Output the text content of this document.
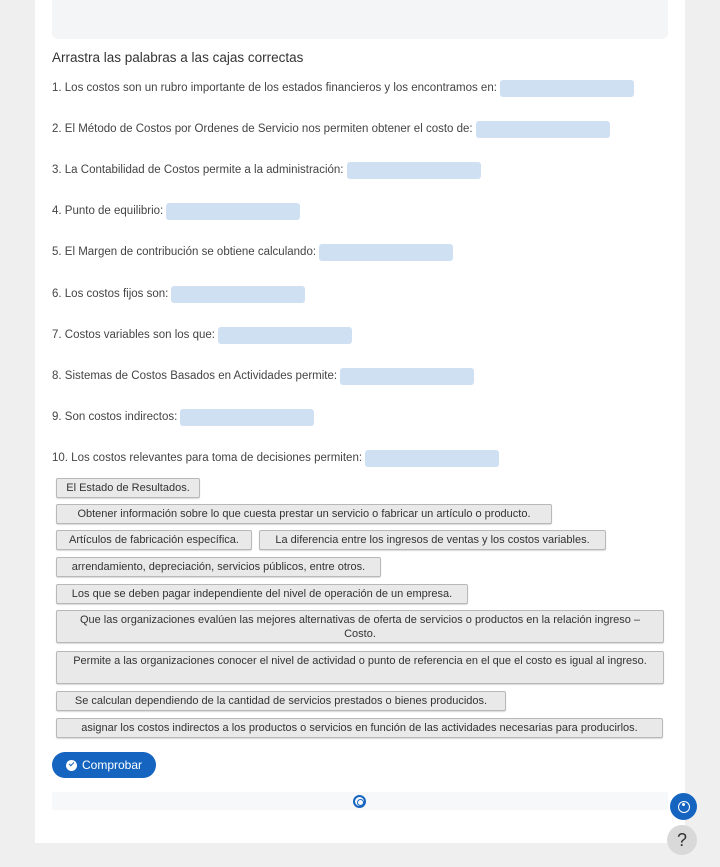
Arrastra las palabras a las cajas correctas
1. Los costos son un rubro importante de los estados financieros y los encontramos en:
2. El Método de Costos por Ordenes de Servicio nos permiten obtener el costo de:
3. La Contabilidad de Costos permite a la administración:
4. Punto de equilibrio:
5. El Margen de contribución se obtiene calculando:
6. Los costos fijos son:
7. Costos variables son los que:
8. Sistemas de Costos Basados en Actividades permite:
9. Son costos indirectos:
10. Los costos relevantes para toma de decisiones permiten:
El Estado de Resultados.
Obtener información sobre lo que cuesta prestar un servicio o fabricar un artículo o producto.
Artículos de fabricación específica.	La diferencia entre los ingresos de ventas y los costos variables.
arrendamiento, depreciación, servicios públicos, entre otros.
Los que se deben pagar independiente del nivel de operación de un empresa.
Que las organizaciones evalúen las mejores alternativas de oferta de servicios o productos en la relación ingreso – Costo.
Permite a las organizaciones conocer el nivel de actividad o punto de referencia en el que el costo es igual al ingreso.
Se calculan dependiendo de la cantidad de servicios prestados o bienes producidos.
asignar los costos indirectos a los productos o servicios en función de las actividades necesarias para producirlos.
Comprobar
?
